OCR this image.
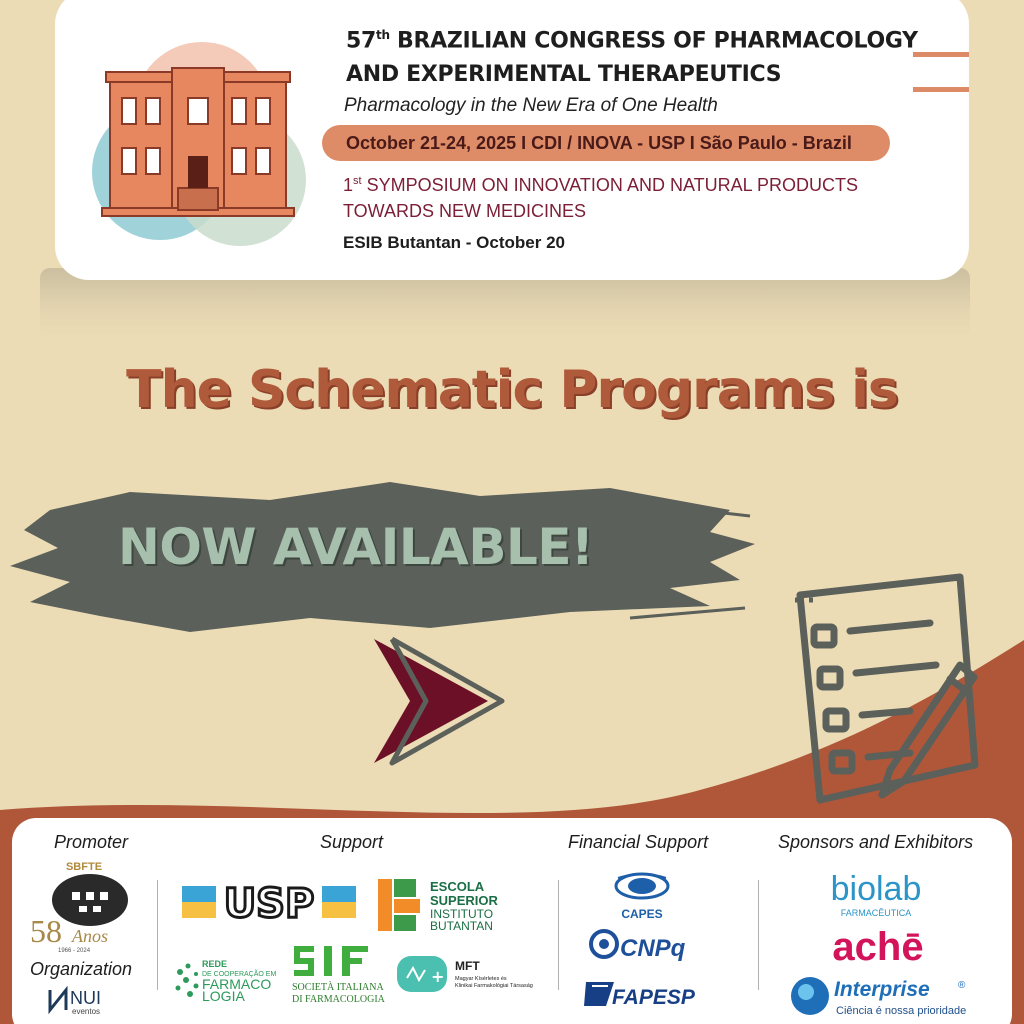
57th BRAZILIAN CONGRESS OF PHARMACOLOGY
AND EXPERIMENTAL THERAPEUTICS
Pharmacology in the New Era of One Health
October 21-24, 2025 I CDI / INOVA - USP I São Paulo - Brazil
1st SYMPOSIUM ON INNOVATION AND NATURAL PRODUCTS
TOWARDS NEW MEDICINES
ESIB Butantan - October 20
The Schematic Programs is
NOW AVAILABLE!
Promoter	Support	Financial Support	Sponsors and Exhibitors
Organization
SBFTE
58 Anos
1966 - 2024
NUI
eventos
USP	ESCOLA
SUPERIOR
INSTITUTO
BUTANTAN
REDE
DE COOPERAÇÃO EM
FARMACO
LOGIA
SOCIETÀ ITALIANA
DI FARMACOLOGIA
+
MFT
Magyar Kísérletes és
Klinikai Farmakológiai Társaság
CAPES
CNPq
FAPESP
biolab
FARMACÊUTICA
achē
Interprise	®
Ciência é nossa prioridade
